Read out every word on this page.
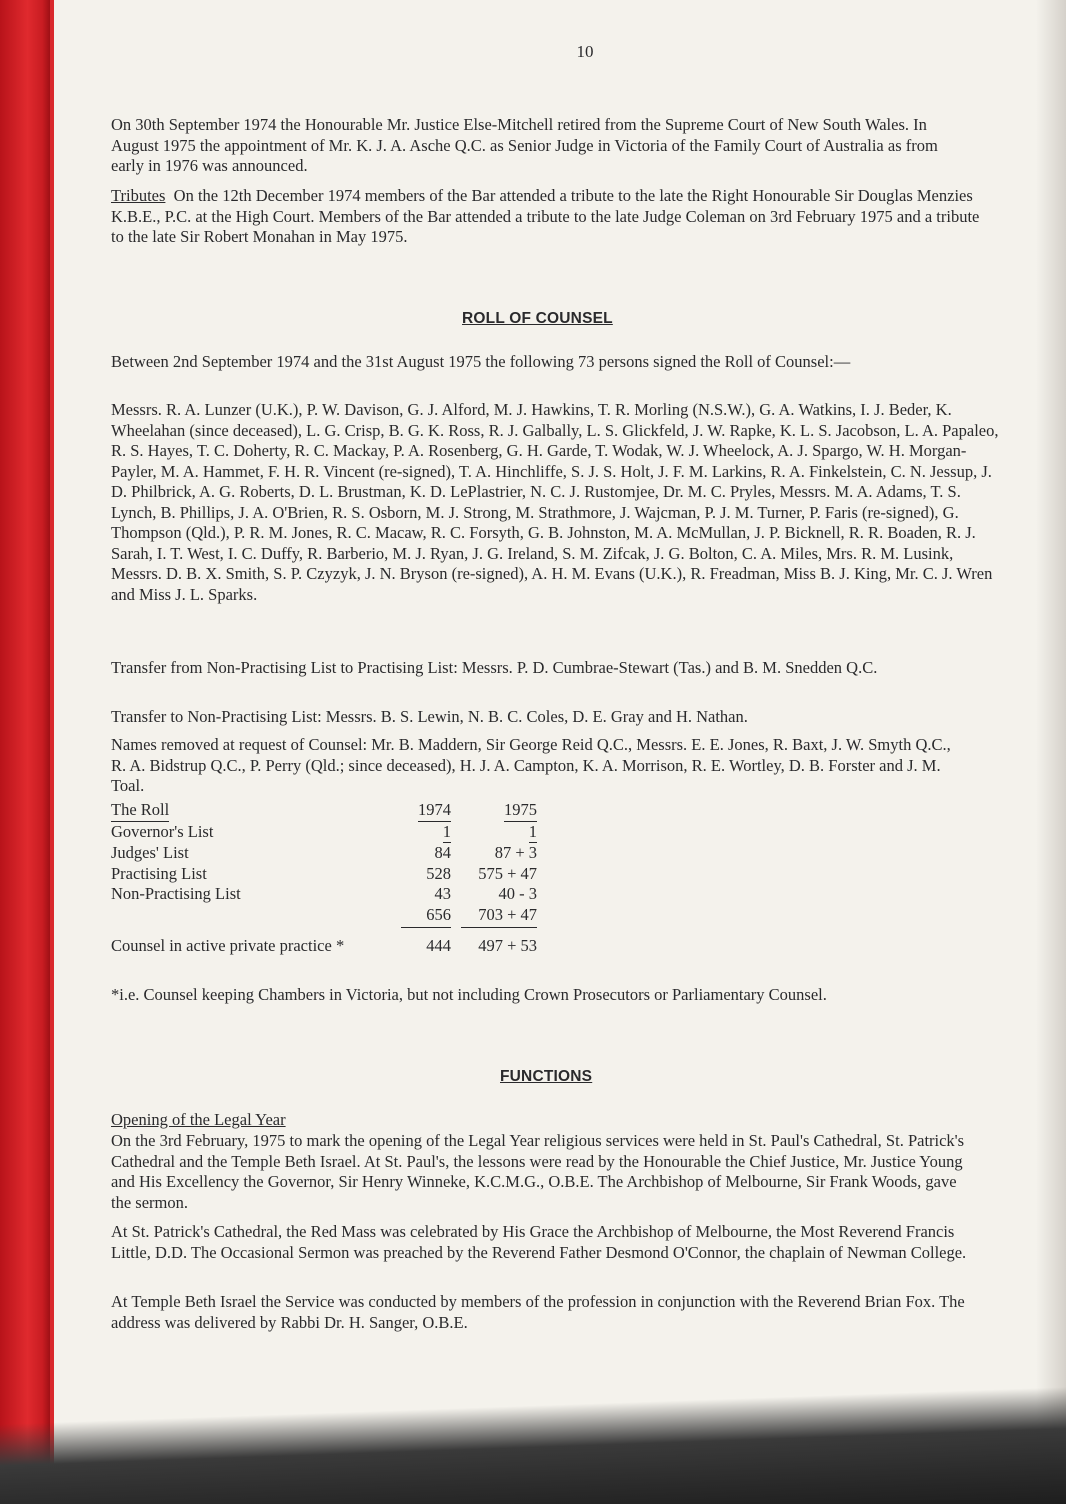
10

On 30th September 1974 the Honourable Mr. Justice Else-Mitchell retired from the Supreme Court of New South Wales. In August 1975 the appointment of Mr. K. J. A. Asche Q.C. as Senior Judge in Victoria of the Family Court of Australia as from early in 1976 was announced.

Tributes On the 12th December 1974 members of the Bar attended a tribute to the late the Right Honourable Sir Douglas Menzies K.B.E., P.C. at the High Court. Members of the Bar attended a tribute to the late Judge Coleman on 3rd February 1975 and a tribute to the late Sir Robert Monahan in May 1975.

ROLL OF COUNSEL

Between 2nd September 1974 and the 31st August 1975 the following 73 persons signed the Roll of Counsel:—

Messrs. R. A. Lunzer (U.K.), P. W. Davison, G. J. Alford, M. J. Hawkins, T. R. Morling (N.S.W.), G. A. Watkins, I. J. Beder, K. Wheelahan (since deceased), L. G. Crisp, B. G. K. Ross, R. J. Galbally, L. S. Glickfeld, J. W. Rapke, K. L. S. Jacobson, L. A. Papaleo, R. S. Hayes, T. C. Doherty, R. C. Mackay, P. A. Rosenberg, G. H. Garde, T. Wodak, W. J. Wheelock, A. J. Spargo, W. H. Morgan-Payler, M. A. Hammet, F. H. R. Vincent (re-signed), T. A. Hinchliffe, S. J. S. Holt, J. F. M. Larkins, R. A. Finkelstein, C. N. Jessup, J. D. Philbrick, A. G. Roberts, D. L. Brustman, K. D. LePlastrier, N. C. J. Rustomjee, Dr. M. C. Pryles, Messrs. M. A. Adams, T. S. Lynch, B. Phillips, J. A. O'Brien, R. S. Osborn, M. J. Strong, M. Strathmore, J. Wajcman, P. J. M. Turner, P. Faris (re-signed), G. Thompson (Qld.), P. R. M. Jones, R. C. Macaw, R. C. Forsyth, G. B. Johnston, M. A. McMullan, J. P. Bicknell, R. R. Boaden, R. J. Sarah, I. T. West, I. C. Duffy, R. Barberio, M. J. Ryan, J. G. Ireland, S. M. Zifcak, J. G. Bolton, C. A. Miles, Mrs. R. M. Lusink, Messrs. D. B. X. Smith, S. P. Czyzyk, J. N. Bryson (re-signed), A. H. M. Evans (U.K.), R. Freadman, Miss B. J. King, Mr. C. J. Wren and Miss J. L. Sparks.

Transfer from Non-Practising List to Practising List: Messrs. P. D. Cumbrae-Stewart (Tas.) and B. M. Snedden Q.C.

Transfer to Non-Practising List: Messrs. B. S. Lewin, N. B. C. Coles, D. E. Gray and H. Nathan.

Names removed at request of Counsel: Mr. B. Maddern, Sir George Reid Q.C., Messrs. E. E. Jones, R. Baxt, J. W. Smyth Q.C., R. A. Bidstrup Q.C., P. Perry (Qld.; since deceased), H. J. A. Campton, K. A. Morrison, R. E. Wortley, D. B. Forster and J. M. Toal.

The Roll	1974	1975
Governor's List	1	1
Judges' List	84	87 + 3
Practising List	528	575 + 47
Non-Practising List	43	40 - 3
	656	703 + 47

Counsel in active private practice *	444	497 + 53

*i.e. Counsel keeping Chambers in Victoria, but not including Crown Prosecutors or Parliamentary Counsel.

FUNCTIONS

Opening of the Legal Year

On the 3rd February, 1975 to mark the opening of the Legal Year religious services were held in St. Paul's Cathedral, St. Patrick's Cathedral and the Temple Beth Israel. At St. Paul's, the lessons were read by the Honourable the Chief Justice, Mr. Justice Young and His Excellency the Governor, Sir Henry Winneke, K.C.M.G., O.B.E. The Archbishop of Melbourne, Sir Frank Woods, gave the sermon.

At St. Patrick's Cathedral, the Red Mass was celebrated by His Grace the Archbishop of Melbourne, the Most Reverend Francis Little, D.D. The Occasional Sermon was preached by the Reverend Father Desmond O'Connor, the chaplain of Newman College.

At Temple Beth Israel the Service was conducted by members of the profession in conjunction with the Reverend Brian Fox. The address was delivered by Rabbi Dr. H. Sanger, O.B.E.
